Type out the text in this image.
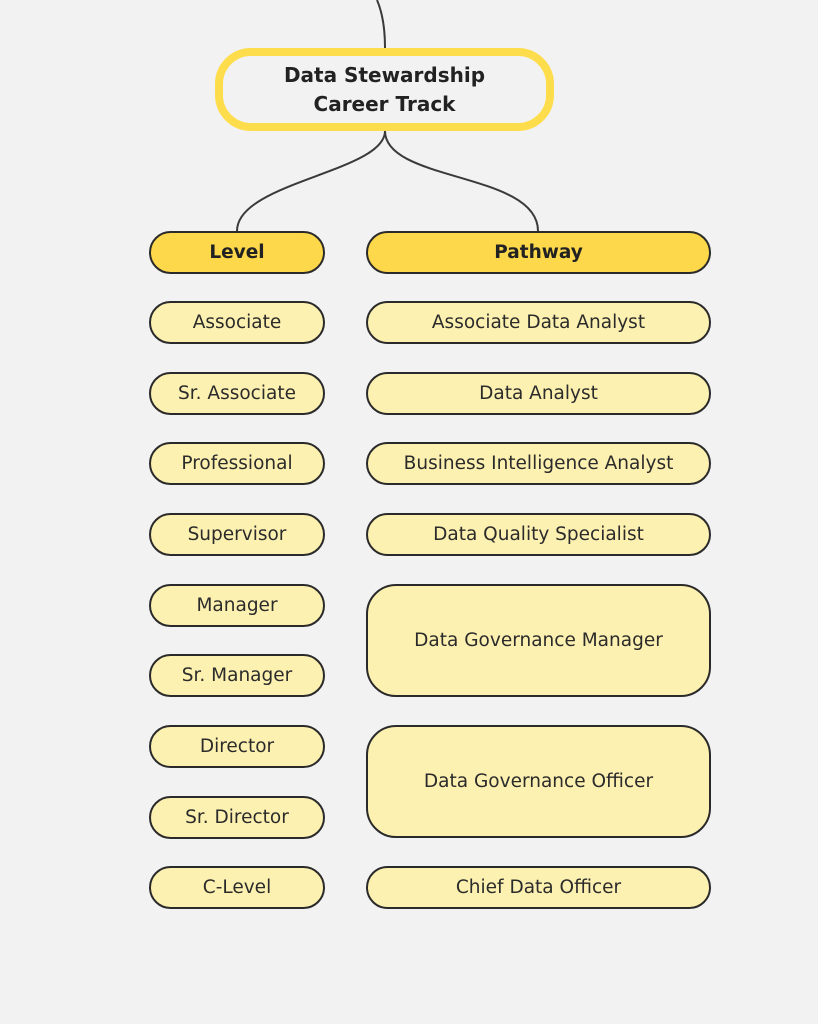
Data Stewardship Career Track
Level	Pathway
Associate
Sr. Associate
Professional
Supervisor
Manager
Sr. Manager
Director
Sr. Director
C-Level
Associate Data Analyst
Data Analyst
Business Intelligence Analyst
Data Quality Specialist
Data Governance Manager
Data Governance Officer
Chief Data Officer
